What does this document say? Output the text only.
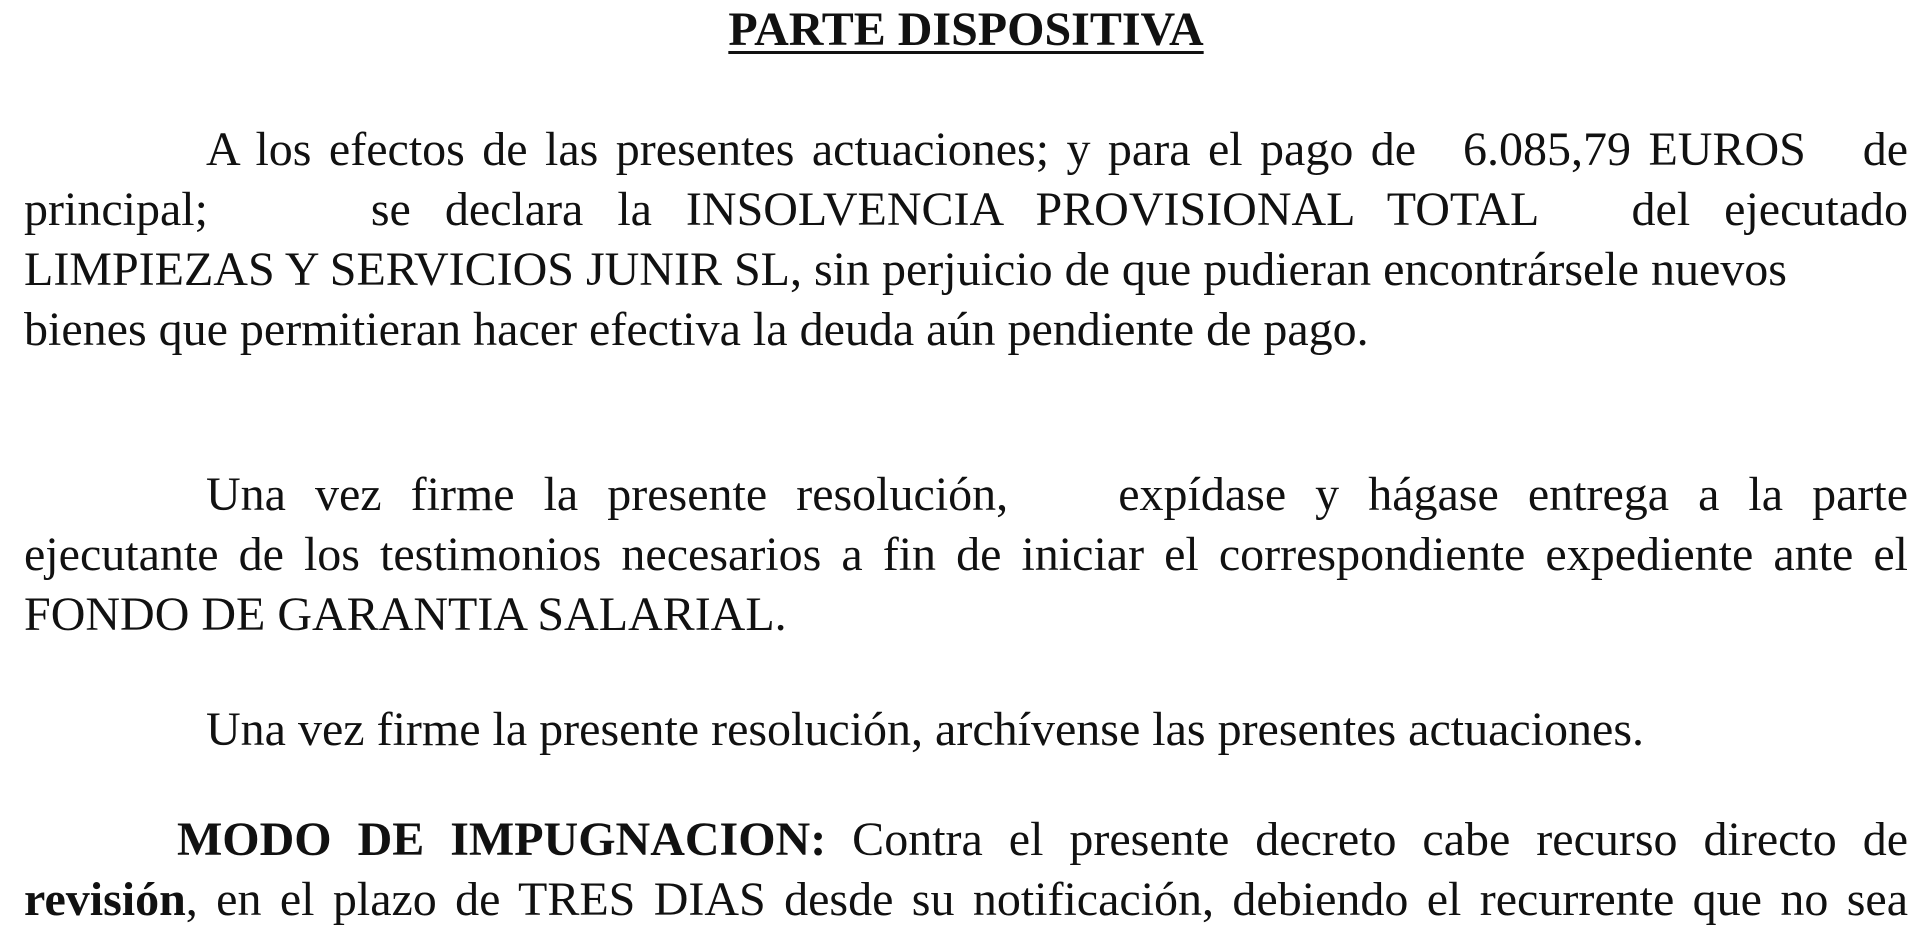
PARTE DISPOSITIVA
A los efectos de las presentes actuaciones; y para el pago de 6.085,79 EUROS de
principal;	se declara la INSOLVENCIA PROVISIONAL TOTAL del ejecutado
LIMPIEZAS Y SERVICIOS JUNIR SL, sin perjuicio de que pudieran encontrársele nuevos
bienes que permitieran hacer efectiva la deuda aún pendiente de pago.
Una vez firme la presente resolución, expídase y hágase entrega a la parte
ejecutante de los testimonios necesarios a fin de iniciar el correspondiente expediente ante el
FONDO DE GARANTIA SALARIAL.
Una vez firme la presente resolución, archívense las presentes actuaciones.
MODO DE IMPUGNACION: Contra el presente decreto cabe recurso directo de
revisión, en el plazo de TRES DIAS desde su notificación, debiendo el recurrente que no sea
